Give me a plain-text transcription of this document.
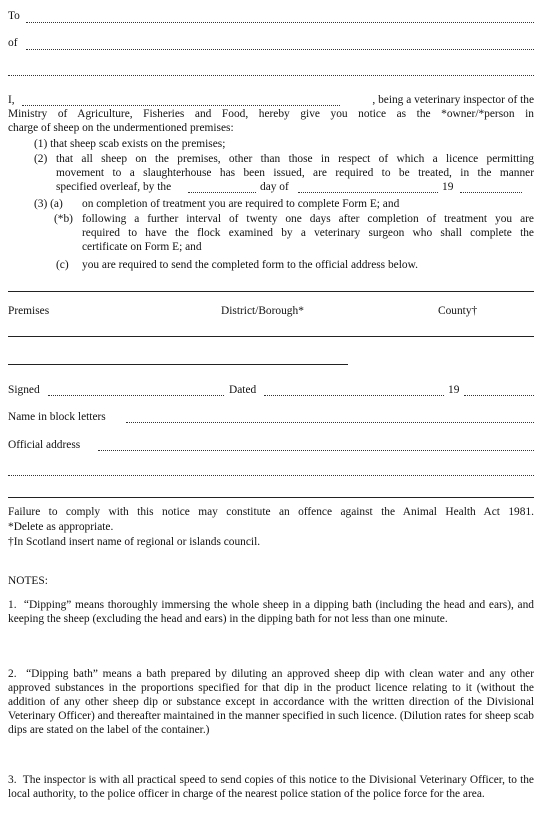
To
of
I,	, being a veterinary inspector of the
Ministry of Agriculture, Fisheries and Food, hereby give you notice as the *owner/*person in
charge of sheep on the undermentioned premises:
(1) that sheep scab exists on the premises;
(2) that all sheep on the premises, other than those in respect of which a licence permitting
movement to a slaughterhouse has been issued, are required to be treated, in the manner
specified overleaf, by the	day of	19
(3) (a) on completion of treatment you are required to complete Form E; and
(*b) following a further interval of twenty one days after completion of treatment you are
required to have the flock examined by a veterinary surgeon who shall complete the
certificate on Form E; and
(c) you are required to send the completed form to the official address below.
Premises	District/Borough*	County†
Signed	Dated	19
Name in block letters
Official address
Failure to comply with this notice may constitute an offence against the Animal Health Act 1981.
*Delete as appropriate.
†In Scotland insert name of regional or islands council.
NOTES:
1.  “Dipping” means thoroughly immersing the whole sheep in a dipping bath (including the head and ears), and keeping the sheep (excluding the head and ears) in the dipping bath for not less than one minute.
2.  “Dipping bath” means a bath prepared by diluting an approved sheep dip with clean water and any other approved substances in the proportions specified for that dip in the product licence relating to it (without the addition of any other sheep dip or substance except in accordance with the written direction of the Divisional Veterinary Officer) and thereafter maintained in the manner specified in such licence. (Dilution rates for sheep scab dips are stated on the label of the container.)
3.  The inspector is with all practical speed to send copies of this notice to the Divisional Veterinary Officer, to the local authority, to the police officer in charge of the nearest police station of the police force for the area.
